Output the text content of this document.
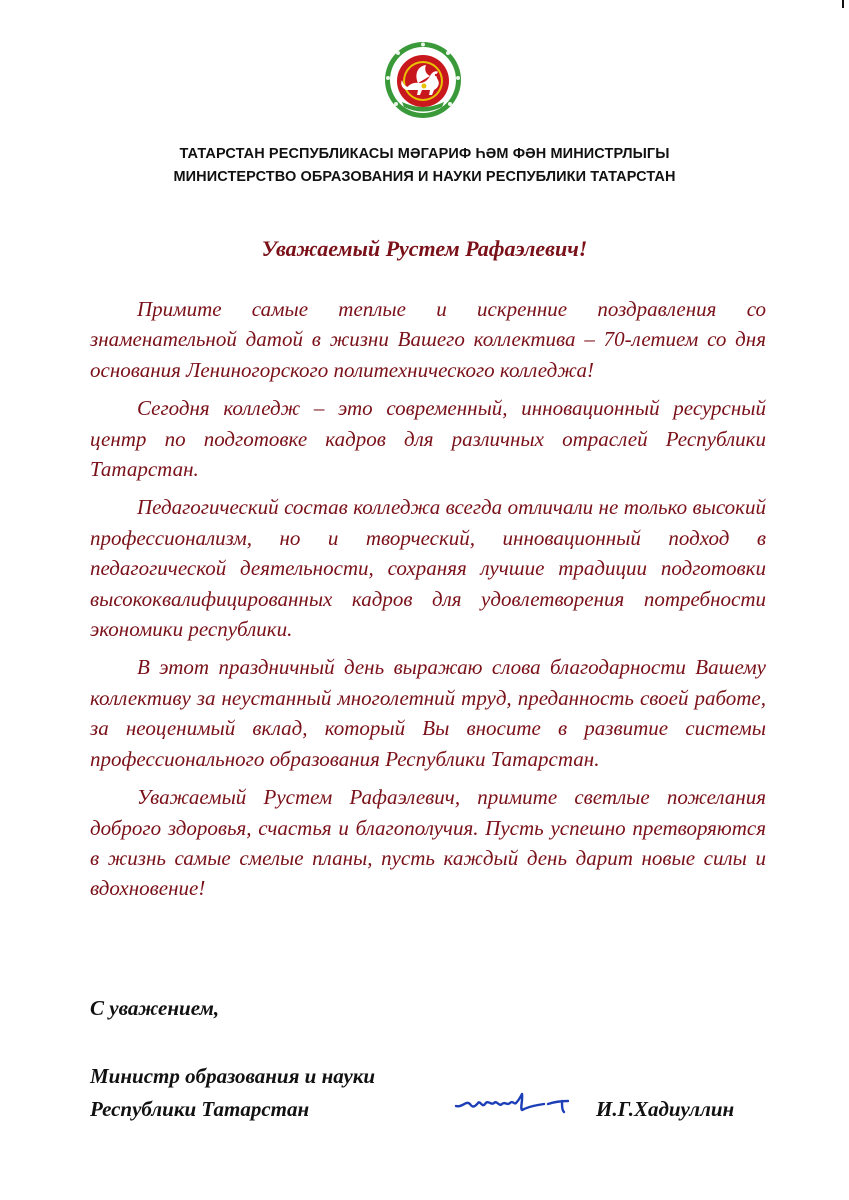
ТАТАРСТАН РЕСПУБЛИКАСЫ МӘГАРИФ ҺӘМ ФӘН МИНИСТРЛЫГЫ
МИНИСТЕРСТВО ОБРАЗОВАНИЯ И НАУКИ РЕСПУБЛИКИ ТАТАРСТАН
Уважаемый Рустем Рафаэлевич!

Примите самые теплые и искренние поздравления со знаменательной датой в жизни Вашего коллектива – 70-летием со дня основания Лениногорского политехнического колледжа!

Сегодня колледж – это современный, инновационный ресурсный центр по подготовке кадров для различных отраслей Республики Татарстан.

Педагогический состав колледжа всегда отличали не только высокий профессионализм, но и творческий, инновационный подход в педагогической деятельности, сохраняя лучшие традиции подготовки высококвалифицированных кадров для удовлетворения потребности экономики республики.

В этот праздничный день выражаю слова благодарности Вашему коллективу за неустанный многолетний труд, преданность своей работе, за неоценимый вклад, который Вы вносите в развитие системы профессионального образования Республики Татарстан.

Уважаемый Рустем Рафаэлевич, примите светлые пожелания доброго здоровья, счастья и благополучия. Пусть успешно претворяются в жизнь самые смелые планы, пусть каждый день дарит новые силы и вдохновение!

С уважением,
Министр образования и науки
Республики Татарстан	И.Г.Хадиуллин
